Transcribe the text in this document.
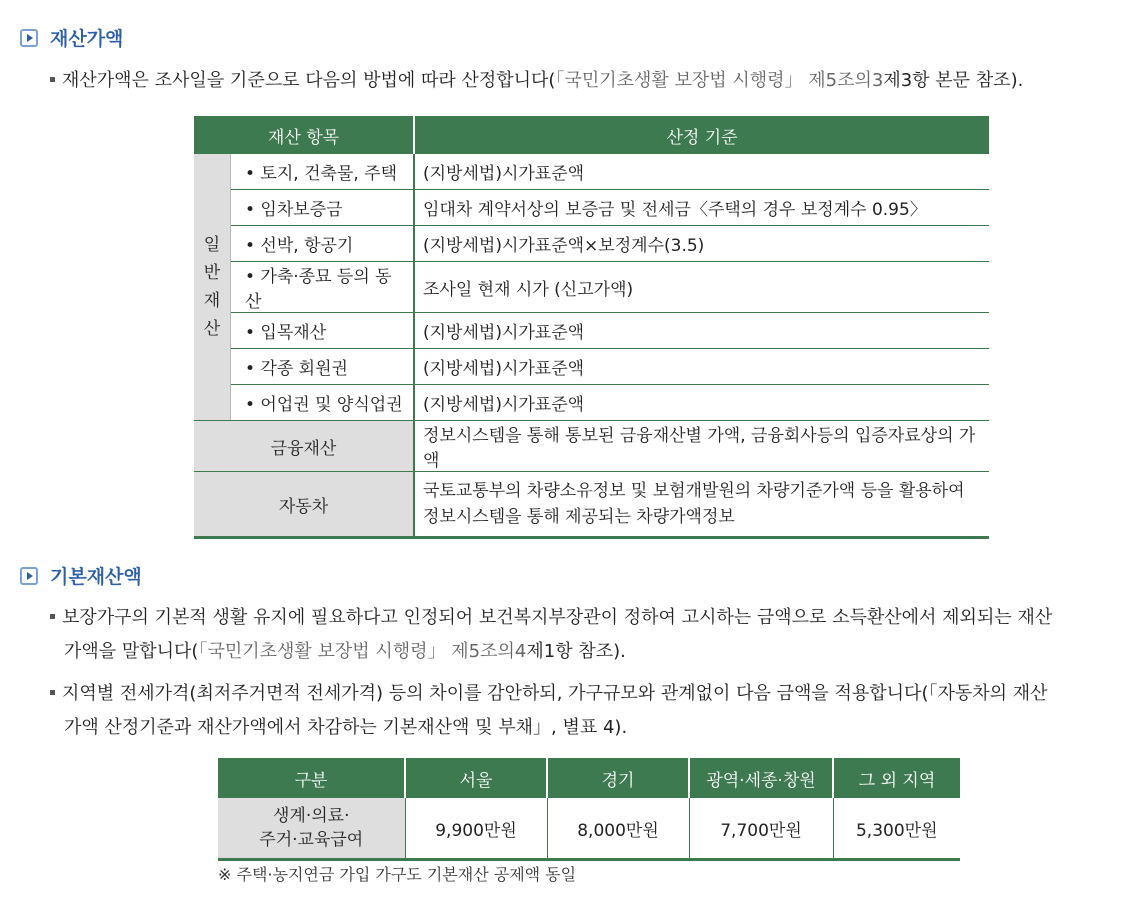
재산가액
재산가액은 조사일을 기준으로 다음의 방법에 따라 산정합니다(「국민기초생활 보장법 시행령」 제5조의3제3항 본문 참조).
재산 항목		산정 기준
일
반
재
산	• 토지, 건축물, 주택	(지방세법)시가표준액
	• 임차보증금	임대차 계약서상의 보증금 및 전세금〈주택의 경우 보정계수 0.95〉
	• 선박, 항공기	(지방세법)시가표준액×보정계수(3.5)
	• 가축·종묘 등의 동산	조사일 현재 시가 (신고가액)
	• 입목재산	(지방세법)시가표준액
	• 각종 회원권	(지방세법)시가표준액
	• 어업권 및 양식업권	(지방세법)시가표준액
금융재산		정보시스템을 통해 통보된 금융재산별 가액, 금융회사등의 입증자료상의 가액
자동차		국토교통부의 차량소유정보 및 보험개발원의 차량기준가액 등을 활용하여
정보시스템을 통해 제공되는 차량가액정보
기본재산액
보장가구의 기본적 생활 유지에 필요하다고 인정되어 보건복지부장관이 정하여 고시하는 금액으로 소득환산에서 제외되는 재산
가액을 말합니다(「국민기초생활 보장법 시행령」 제5조의4제1항 참조).
지역별 전세가격(최저주거면적 전세가격) 등의 차이를 감안하되, 가구규모와 관계없이 다음 금액을 적용합니다(「자동차의 재산
가액 산정기준과 재산가액에서 차감하는 기본재산액 및 부채」, 별표 4).
구분	서울	경기	광역·세종·창원	그 외 지역

생계·의료·
주거·교육급여	9,900만원	8,000만원	7,700만원	5,300만원
※ 주택·농지연금 가입 가구도 기본재산 공제액 동일
